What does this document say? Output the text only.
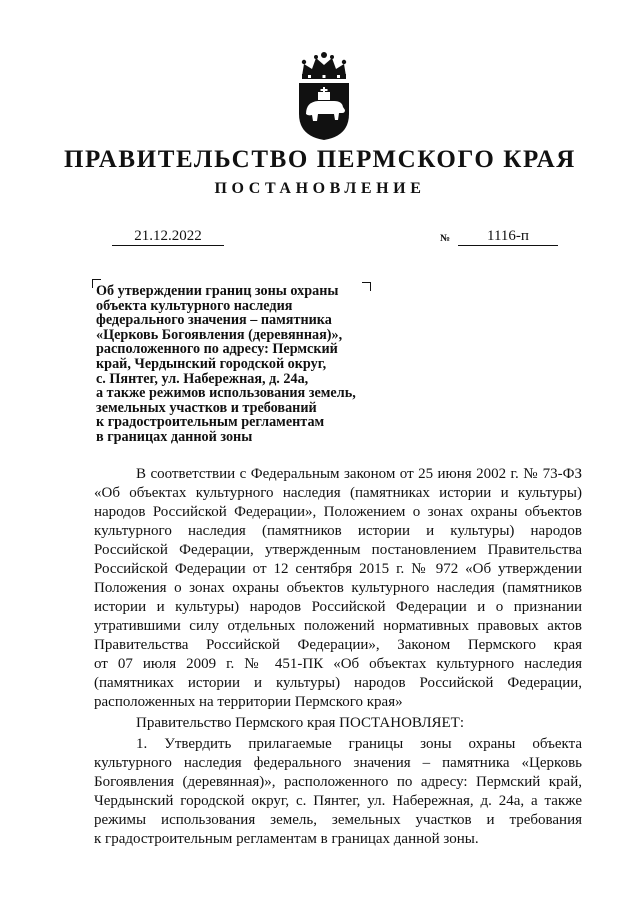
ПРАВИТЕЛЬСТВО ПЕРМСКОГО КРАЯ
ПОСТАНОВЛЕНИЕ
21.12.2022	№	1116-п
Об утверждении границ зоны охраны
объекта культурного наследия
федерального значения – памятника
«Церковь Богоявления (деревянная)»,
расположенного по адресу: Пермский
край, Чердынский городской округ,
с. Пянтег, ул. Набережная, д. 24а,
а также режимов использования земель,
земельных участков и требований
к градостроительным регламентам
в границах данной зоны
В соответствии с Федеральным законом от 25 июня 2002 г. № 73-ФЗ
«Об объектах культурного наследия (памятниках истории и культуры)
народов Российской Федерации», Положением о зонах охраны объектов
культурного наследия (памятников истории и культуры) народов
Российской Федерации, утвержденным постановлением Правительства
Российской Федерации от 12 сентября 2015 г. № 972 «Об утверждении
Положения о зонах охраны объектов культурного наследия (памятников
истории и культуры) народов Российской Федерации и о признании
утратившими силу отдельных положений нормативных правовых актов
Правительства Российской Федерации», Законом Пермского края
от 07 июля 2009 г. № 451-ПК «Об объектах культурного наследия
(памятниках истории и культуры) народов Российской Федерации,
расположенных на территории Пермского края»
Правительство Пермского края ПОСТАНОВЛЯЕТ:
1. Утвердить прилагаемые границы зоны охраны объекта
культурного наследия федерального значения – памятника «Церковь
Богоявления (деревянная)», расположенного по адресу: Пермский край,
Чердынский городской округ, с. Пянтег, ул. Набережная, д. 24а, а также
режимы использования земель, земельных участков и требования
к градостроительным регламентам в границах данной зоны.
